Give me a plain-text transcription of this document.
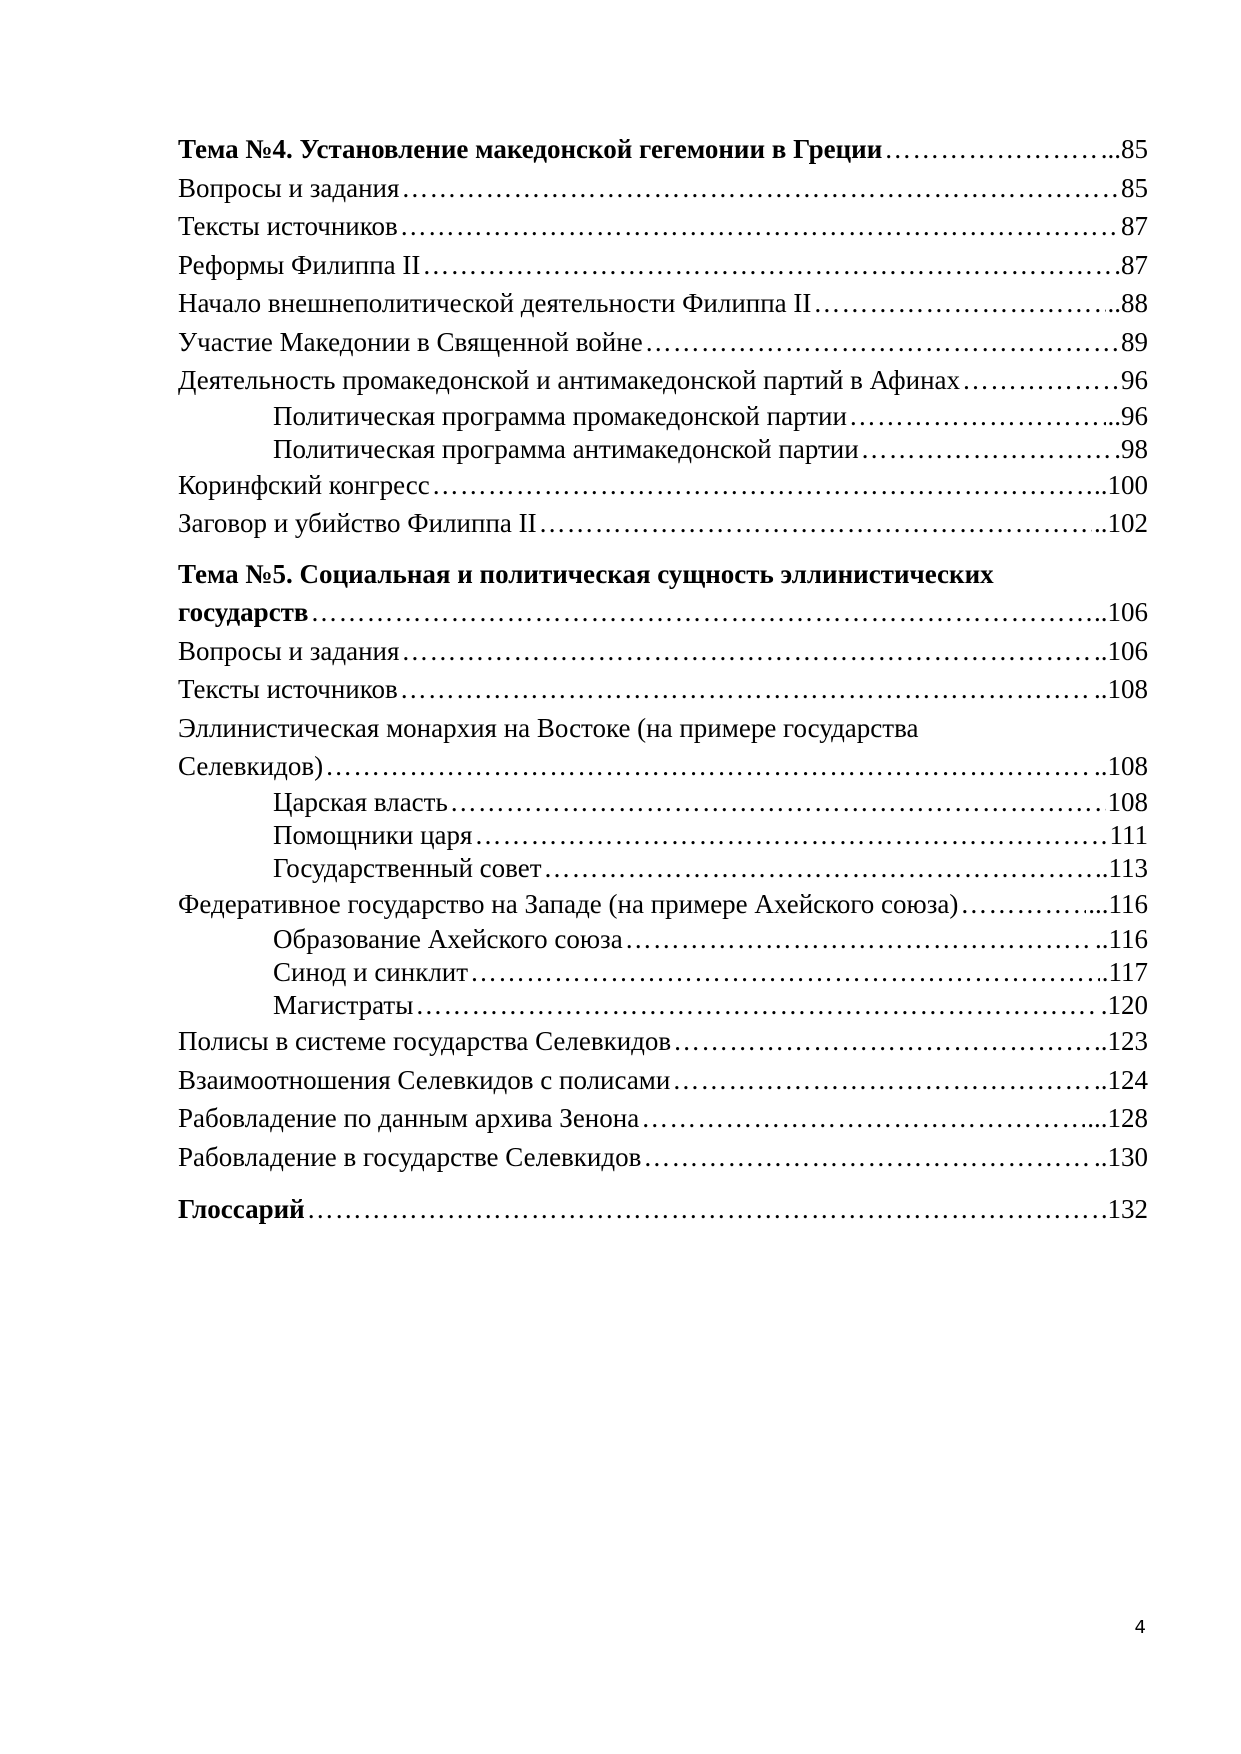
Тема №4. Установление македонской гегемонии в Греции ……………………………………………………………………………………………………………………………………………………………………	...85
Вопросы и задания ……………………………………………………………………………………………………………………………………………………………………	85
Тексты источников ……………………………………………………………………………………………………………………………………………………………………	87
Реформы Филиппа II ……………………………………………………………………………………………………………………………………………………………………	.87
Начало внешнеполитической деятельности Филиппа II ……………………………………………………………………………………………………………………………………………………………………	..88
Участие Македонии в Священной войне ……………………………………………………………………………………………………………………………………………………………………	89
Деятельность промакедонской и антимакедонской партий в Афинах ……………………………………………………………………………………………………………………………………………………………………	96
Политическая программа промакедонской партии ……………………………………………………………………………………………………………………………………………………………………	..96
Политическая программа антимакедонской партии ……………………………………………………………………………………………………………………………………………………………………	.98
Коринфский конгресс ……………………………………………………………………………………………………………………………………………………………………	..100
Заговор и убийство Филиппа II ……………………………………………………………………………………………………………………………………………………………………	..102
Тема №5. Социальная и политическая сущность эллинистических
государств ……………………………………………………………………………………………………………………………………………………………………	..106
Вопросы и задания ……………………………………………………………………………………………………………………………………………………………………	..106
Тексты источников ……………………………………………………………………………………………………………………………………………………………………	..108
Эллинистическая монархия на Востоке (на примере государства
Селевкидов) ……………………………………………………………………………………………………………………………………………………………………	..108
Царская власть ……………………………………………………………………………………………………………………………………………………………………	108
Помощники царя ……………………………………………………………………………………………………………………………………………………………………	111
Государственный совет ……………………………………………………………………………………………………………………………………………………………………	..113
Федеративное государство на Западе (на примере Ахейского союза) ……………………………………………………………………………………………………………………………………………………………………	...116
Образование Ахейского союза ……………………………………………………………………………………………………………………………………………………………………	..116
Синод и синклит ……………………………………………………………………………………………………………………………………………………………………	.117
Магистраты ……………………………………………………………………………………………………………………………………………………………………	.120
Полисы в системе государства Селевкидов ……………………………………………………………………………………………………………………………………………………………………	..123
Взаимоотношения Селевкидов с полисами ……………………………………………………………………………………………………………………………………………………………………	..124
Рабовладение по данным архива Зенона ……………………………………………………………………………………………………………………………………………………………………	...128
Рабовладение в государстве Селевкидов ……………………………………………………………………………………………………………………………………………………………………	..130
Глоссарий ……………………………………………………………………………………………………………………………………………………………………	132
4
